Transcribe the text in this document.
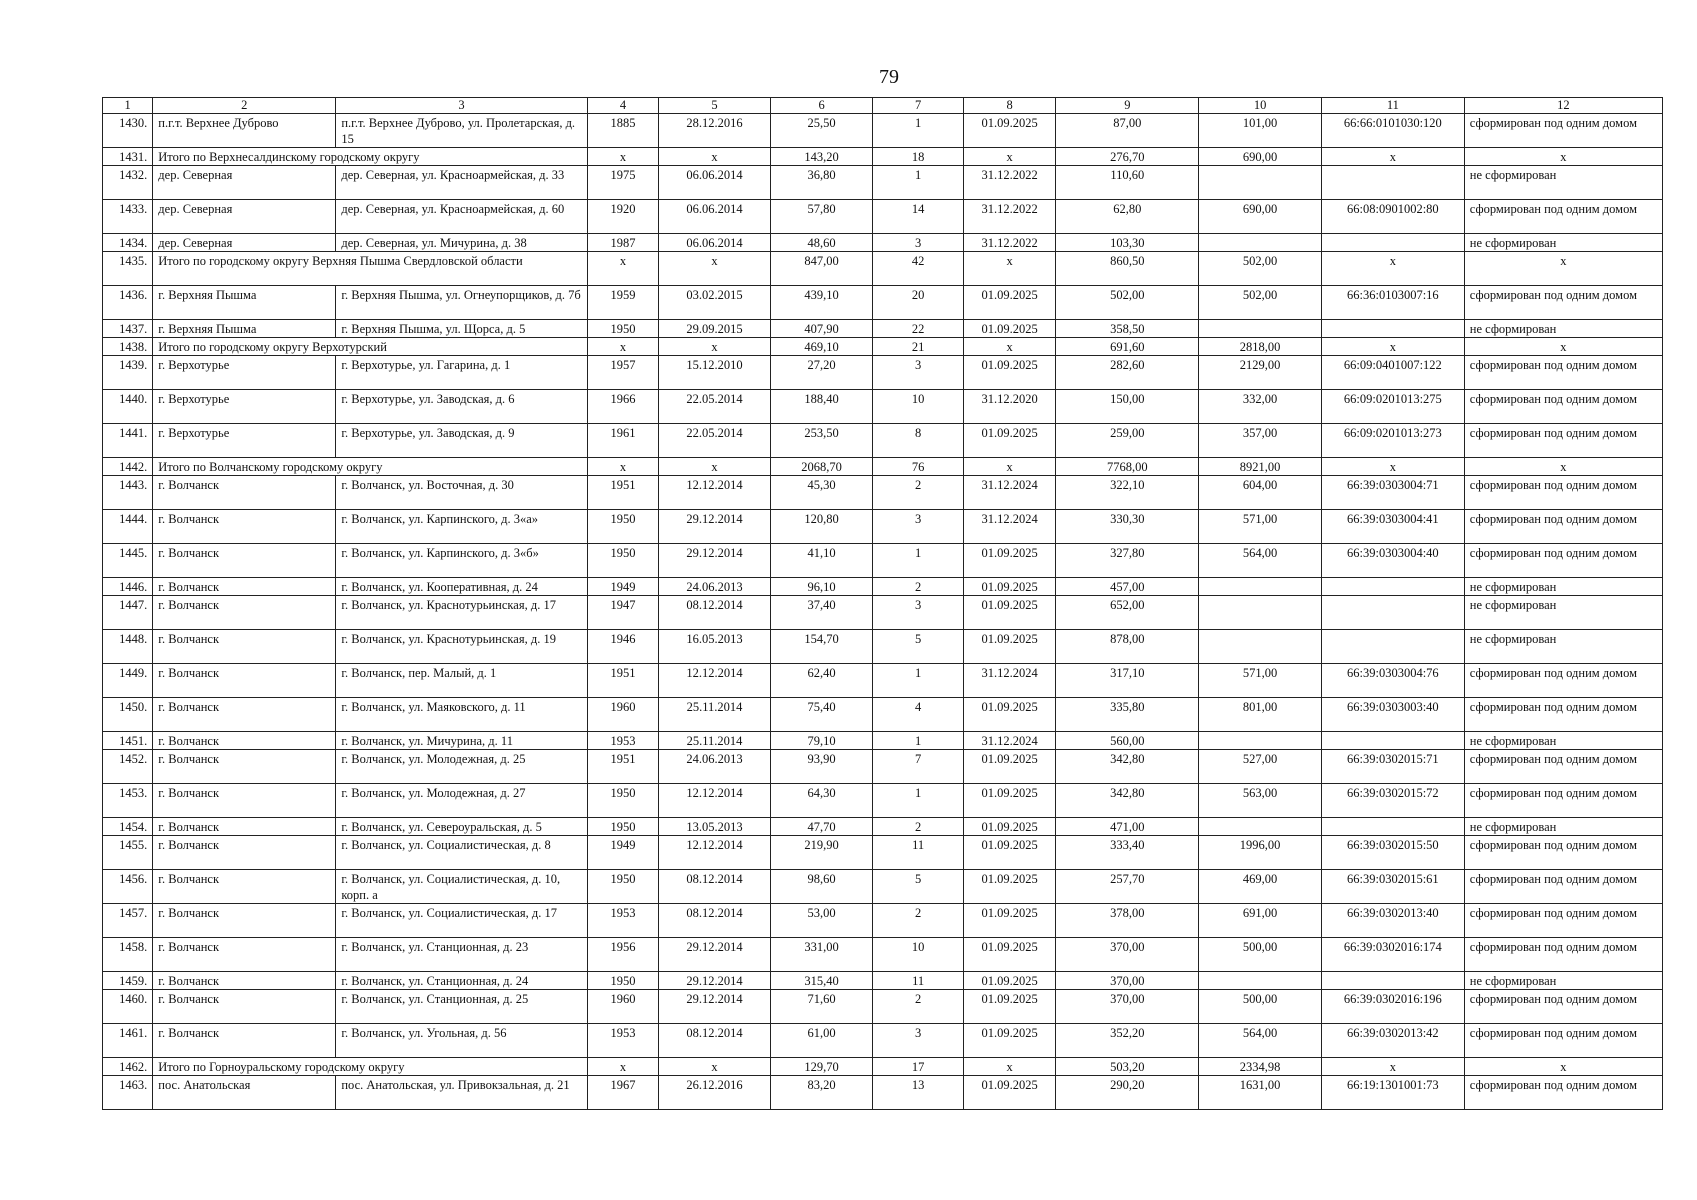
79
1	2	3	4	5	6	7	8	9	10	11	12
1430.	п.г.т. Верхнее Дуброво	п.г.т. Верхнее Дуброво, ул. Пролетарская, д. 15	1885	28.12.2016	25,50	1	01.09.2025	87,00	101,00	66:66:0101030:120	сформирован под одним домом
1431.	Итого по Верхнесалдинскому городскому округу		х	х	143,20	18	х	276,70	690,00	х	х
1432.	дер. Северная	дер. Северная, ул. Красноармейская, д. 33	1975	06.06.2014	36,80	1	31.12.2022	110,60			не сформирован
1433.	дер. Северная	дер. Северная, ул. Красноармейская, д. 60	1920	06.06.2014	57,80	14	31.12.2022	62,80	690,00	66:08:0901002:80	сформирован под одним домом
1434.	дер. Северная	дер. Северная, ул. Мичурина, д. 38	1987	06.06.2014	48,60	3	31.12.2022	103,30			не сформирован
1435.	Итого по городскому округу Верхняя Пышма Свердловской области		х	х	847,00	42	х	860,50	502,00	х	х
1436.	г. Верхняя Пышма	г. Верхняя Пышма, ул. Огнеупорщиков, д. 7б	1959	03.02.2015	439,10	20	01.09.2025	502,00	502,00	66:36:0103007:16	сформирован под одним домом
1437.	г. Верхняя Пышма	г. Верхняя Пышма, ул. Щорса, д. 5	1950	29.09.2015	407,90	22	01.09.2025	358,50			не сформирован
1438.	Итого по городскому округу Верхотурский		х	х	469,10	21	х	691,60	2818,00	х	х
1439.	г. Верхотурье	г. Верхотурье, ул. Гагарина, д. 1	1957	15.12.2010	27,20	3	01.09.2025	282,60	2129,00	66:09:0401007:122	сформирован под одним домом
1440.	г. Верхотурье	г. Верхотурье, ул. Заводская, д. 6	1966	22.05.2014	188,40	10	31.12.2020	150,00	332,00	66:09:0201013:275	сформирован под одним домом
1441.	г. Верхотурье	г. Верхотурье, ул. Заводская, д. 9	1961	22.05.2014	253,50	8	01.09.2025	259,00	357,00	66:09:0201013:273	сформирован под одним домом
1442.	Итого по Волчанскому городскому округу		х	х	2068,70	76	х	7768,00	8921,00	х	х
1443.	г. Волчанск	г. Волчанск, ул. Восточная, д. 30	1951	12.12.2014	45,30	2	31.12.2024	322,10	604,00	66:39:0303004:71	сформирован под одним домом
1444.	г. Волчанск	г. Волчанск, ул. Карпинского, д. 3«а»	1950	29.12.2014	120,80	3	31.12.2024	330,30	571,00	66:39:0303004:41	сформирован под одним домом
1445.	г. Волчанск	г. Волчанск, ул. Карпинского, д. 3«б»	1950	29.12.2014	41,10	1	01.09.2025	327,80	564,00	66:39:0303004:40	сформирован под одним домом
1446.	г. Волчанск	г. Волчанск, ул. Кооперативная, д. 24	1949	24.06.2013	96,10	2	01.09.2025	457,00			не сформирован
1447.	г. Волчанск	г. Волчанск, ул. Краснотурьинская, д. 17	1947	08.12.2014	37,40	3	01.09.2025	652,00			не сформирован
1448.	г. Волчанск	г. Волчанск, ул. Краснотурьинская, д. 19	1946	16.05.2013	154,70	5	01.09.2025	878,00			не сформирован
1449.	г. Волчанск	г. Волчанск, пер. Малый, д. 1	1951	12.12.2014	62,40	1	31.12.2024	317,10	571,00	66:39:0303004:76	сформирован под одним домом
1450.	г. Волчанск	г. Волчанск, ул. Маяковского, д. 11	1960	25.11.2014	75,40	4	01.09.2025	335,80	801,00	66:39:0303003:40	сформирован под одним домом
1451.	г. Волчанск	г. Волчанск, ул. Мичурина, д. 11	1953	25.11.2014	79,10	1	31.12.2024	560,00			не сформирован
1452.	г. Волчанск	г. Волчанск, ул. Молодежная, д. 25	1951	24.06.2013	93,90	7	01.09.2025	342,80	527,00	66:39:0302015:71	сформирован под одним домом
1453.	г. Волчанск	г. Волчанск, ул. Молодежная, д. 27	1950	12.12.2014	64,30	1	01.09.2025	342,80	563,00	66:39:0302015:72	сформирован под одним домом
1454.	г. Волчанск	г. Волчанск, ул. Североуральская, д. 5	1950	13.05.2013	47,70	2	01.09.2025	471,00			не сформирован
1455.	г. Волчанск	г. Волчанск, ул. Социалистическая, д. 8	1949	12.12.2014	219,90	11	01.09.2025	333,40	1996,00	66:39:0302015:50	сформирован под одним домом
1456.	г. Волчанск	г. Волчанск, ул. Социалистическая, д. 10, корп. а	1950	08.12.2014	98,60	5	01.09.2025	257,70	469,00	66:39:0302015:61	сформирован под одним домом
1457.	г. Волчанск	г. Волчанск, ул. Социалистическая, д. 17	1953	08.12.2014	53,00	2	01.09.2025	378,00	691,00	66:39:0302013:40	сформирован под одним домом
1458.	г. Волчанск	г. Волчанск, ул. Станционная, д. 23	1956	29.12.2014	331,00	10	01.09.2025	370,00	500,00	66:39:0302016:174	сформирован под одним домом
1459.	г. Волчанск	г. Волчанск, ул. Станционная, д. 24	1950	29.12.2014	315,40	11	01.09.2025	370,00			не сформирован
1460.	г. Волчанск	г. Волчанск, ул. Станционная, д. 25	1960	29.12.2014	71,60	2	01.09.2025	370,00	500,00	66:39:0302016:196	сформирован под одним домом
1461.	г. Волчанск	г. Волчанск, ул. Угольная, д. 56	1953	08.12.2014	61,00	3	01.09.2025	352,20	564,00	66:39:0302013:42	сформирован под одним домом
1462.	Итого по Горноуральскому городскому округу		х	х	129,70	17	х	503,20	2334,98	х	х
1463.	пос. Анатольская	пос. Анатольская, ул. Привокзальная, д. 21	1967	26.12.2016	83,20	13	01.09.2025	290,20	1631,00	66:19:1301001:73	сформирован под одним домом
